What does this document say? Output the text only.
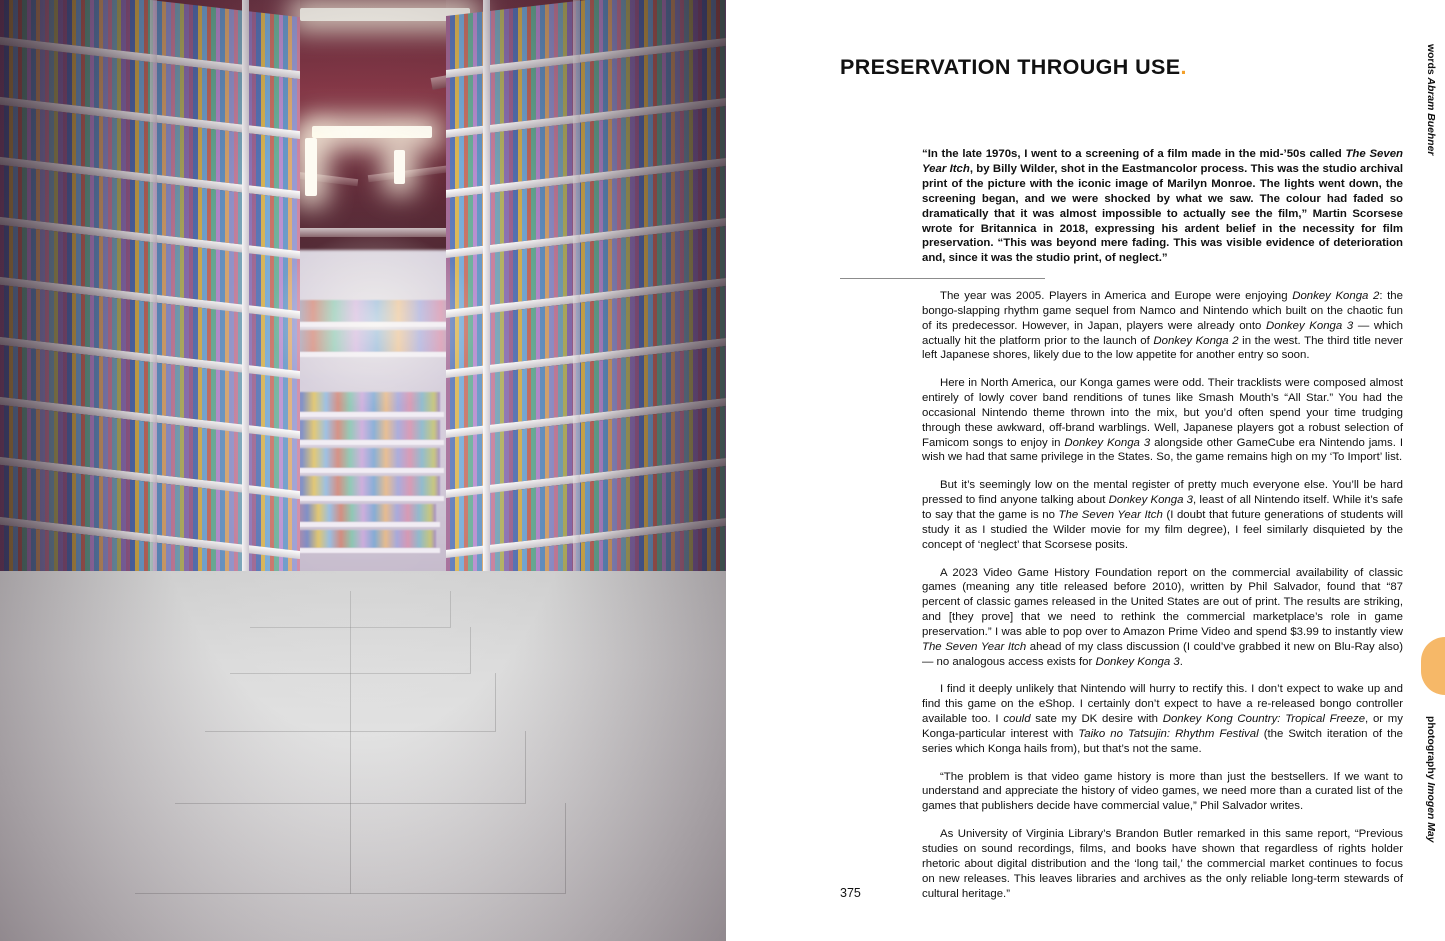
PRESERVATION THROUGH USE.
“In the late 1970s, I went to a screening of a film made in the mid-’50s called The Seven Year Itch, by Billy Wilder, shot in the Eastmancolor process. This was the studio archival print of the picture with the iconic image of Marilyn Monroe. The lights went down, the screening began, and we were shocked by what we saw. The colour had faded so dramatically that it was almost impossible to actually see the film,” Martin Scorsese wrote for Britannica in 2018, expressing his ardent belief in the necessity for film preservation. “This was beyond mere fading. This was visible evidence of deterioration and, since it was the studio print, of neglect.”

The year was 2005. Players in America and Europe were enjoying Donkey Konga 2: the bongo-slapping rhythm game sequel from Namco and Nintendo which built on the chaotic fun of its predecessor. However, in Japan, players were already onto Donkey Konga 3 — which actually hit the platform prior to the launch of Donkey Konga 2 in the west. The third title never left Japanese shores, likely due to the low appetite for another entry so soon.

Here in North America, our Konga games were odd. Their tracklists were composed almost entirely of lowly cover band renditions of tunes like Smash Mouth’s “All Star.” You had the occasional Nintendo theme thrown into the mix, but you’d often spend your time trudging through these awkward, off-brand warblings. Well, Japanese players got a robust selection of Famicom songs to enjoy in Donkey Konga 3 alongside other GameCube era Nintendo jams. I wish we had that same privilege in the States. So, the game remains high on my ‘To Import’ list.

But it’s seemingly low on the mental register of pretty much everyone else. You’ll be hard pressed to find anyone talking about Donkey Konga 3, least of all Nintendo itself. While it’s safe to say that the game is no The Seven Year Itch (I doubt that future generations of students will study it as I studied the Wilder movie for my film degree), I feel similarly disquieted by the concept of ‘neglect’ that Scorsese posits.

A 2023 Video Game History Foundation report on the commercial availability of classic games (meaning any title released before 2010), written by Phil Salvador, found that “87 percent of classic games released in the United States are out of print. The results are striking, and [they prove] that we need to rethink the commercial marketplace’s role in game preservation.” I was able to pop over to Amazon Prime Video and spend $3.99 to instantly view The Seven Year Itch ahead of my class discussion (I could’ve grabbed it new on Blu-Ray also) — no analogous access exists for Donkey Konga 3.

I find it deeply unlikely that Nintendo will hurry to rectify this. I don’t expect to wake up and find this game on the eShop. I certainly don’t expect to have a re-released bongo controller available too. I could sate my DK desire with Donkey Kong Country: Tropical Freeze, or my Konga-particular interest with Taiko no Tatsujin: Rhythm Festival (the Switch iteration of the series which Konga hails from), but that’s not the same.

“The problem is that video game history is more than just the bestsellers. If we want to understand and appreciate the history of video games, we need more than a curated list of the games that publishers decide have commercial value,” Phil Salvador writes.

As University of Virginia Library’s Brandon Butler remarked in this same report, “Previous studies on sound recordings, films, and books have shown that regardless of rights holder rhetoric about digital distribution and the ‘long tail,’ the commercial market continues to focus on new releases. This leaves libraries and archives as the only reliable long-term stewards of cultural heritage.”

375
words Abram Buehner
photography Imogen May
